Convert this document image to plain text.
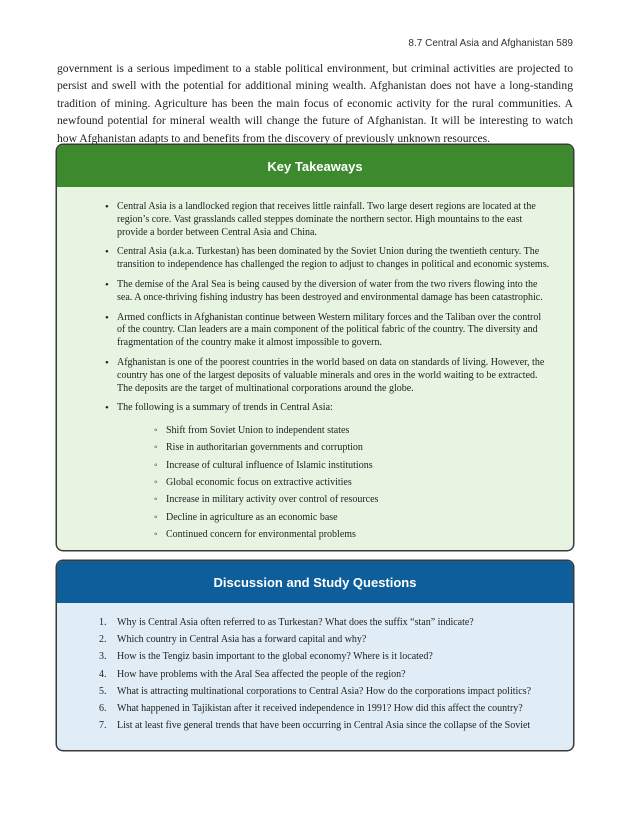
8.7 Central Asia and Afghanistan 589

government is a serious impediment to a stable political environment, but criminal activities are projected to persist and swell with the potential for additional mining wealth. Afghanistan does not have a long-standing tradition of mining. Agriculture has been the main focus of economic activity for the rural communities. A newfound potential for mineral wealth will change the future of Afghanistan. It will be interesting to watch how Afghanistan adapts to and benefits from the discovery of previously unknown resources.

Key Takeaways
• Central Asia is a landlocked region that receives little rainfall. Two large desert regions are located at the region’s core. Vast grasslands called steppes dominate the northern sector. High mountains to the east provide a border between Central Asia and China.
• Central Asia (a.k.a. Turkestan) has been dominated by the Soviet Union during the twentieth century. The transition to independence has challenged the region to adjust to changes in political and economic systems.
• The demise of the Aral Sea is being caused by the diversion of water from the two rivers flowing into the sea. A once-thriving fishing industry has been destroyed and environmental damage has been catastrophic.
• Armed conflicts in Afghanistan continue between Western military forces and the Taliban over the control of the country. Clan leaders are a main component of the political fabric of the country. The diversity and fragmentation of the country make it almost impossible to govern.
• Afghanistan is one of the poorest countries in the world based on data on standards of living. However, the country has one of the largest deposits of valuable minerals and ores in the world waiting to be extracted. The deposits are the target of multinational corporations around the globe.
• The following is a summary of trends in Central Asia:
◦ Shift from Soviet Union to independent states
◦ Rise in authoritarian governments and corruption
◦ Increase of cultural influence of Islamic institutions
◦ Global economic focus on extractive activities
◦ Increase in military activity over control of resources
◦ Decline in agriculture as an economic base
◦ Continued concern for environmental problems
Discussion and Study Questions
1. Why is Central Asia often referred to as Turkestan? What does the suffix “stan” indicate?
2. Which country in Central Asia has a forward capital and why?
3. How is the Tengiz basin important to the global economy? Where is it located?
4. How have problems with the Aral Sea affected the people of the region?
5. What is attracting multinational corporations to Central Asia? How do the corporations impact politics?
6. What happened in Tajikistan after it received independence in 1991? How did this affect the country?
7. List at least five general trends that have been occurring in Central Asia since the collapse of the Soviet
